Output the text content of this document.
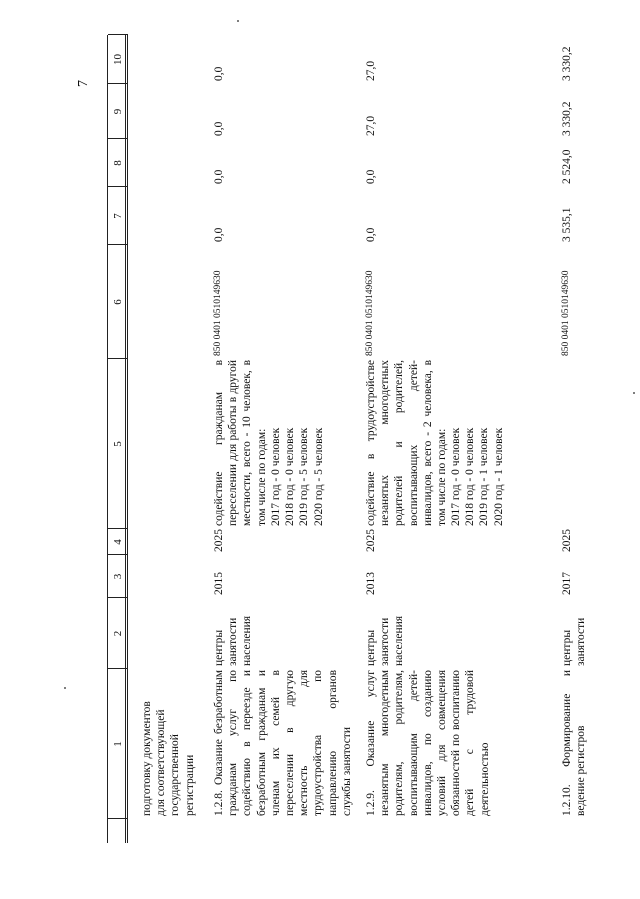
7
1
2
3
4
5
6
7
8
9
10
подготовку документов
для соответствующей
государственной
регистрации 1.2.8. Оказание безработным гражданам услуг по содействию в переезде и безработным гражданам и членам их семей в переселении в другую местность для трудоустройства по направлению органов службы занятости
центры
занятости
населения
2015
2025
содействие гражданам в переселении для работы в другой местности, всего - 10 человек, в том числе по годам: 2017 год - 0 человек
2018 год - 0 человек
2019 год - 5 человек
2020 год - 5 человек
850 0401 0510149630
0,0
0,0
0,0
0,0
1.2.9. Оказание услуг незанятым многодетным родителям, родителям, воспитывающим детей-инвалидов, по созданию условий для совмещения обязанностей по воспитанию детей с трудовой деятельностью
центры
занятости
населения
2013
2025
содействие в трудоустройстве незанятых многодетных родителей и родителей, воспитывающих детей-инвалидов, всего - 2 человека, в том числе по годам: 2017 год - 0 человек
2018 год - 0 человек
2019 год - 1 человек
2020 год - 1 человек
850 0401 0510149630
0,0
0,0
27,0
27,0
1.2.10. Формирование и ведение регистров
центры
занятости
2017
2025
850 0401 0510149630
3 535,1
2 524,0
3 330,2
3 330,2
